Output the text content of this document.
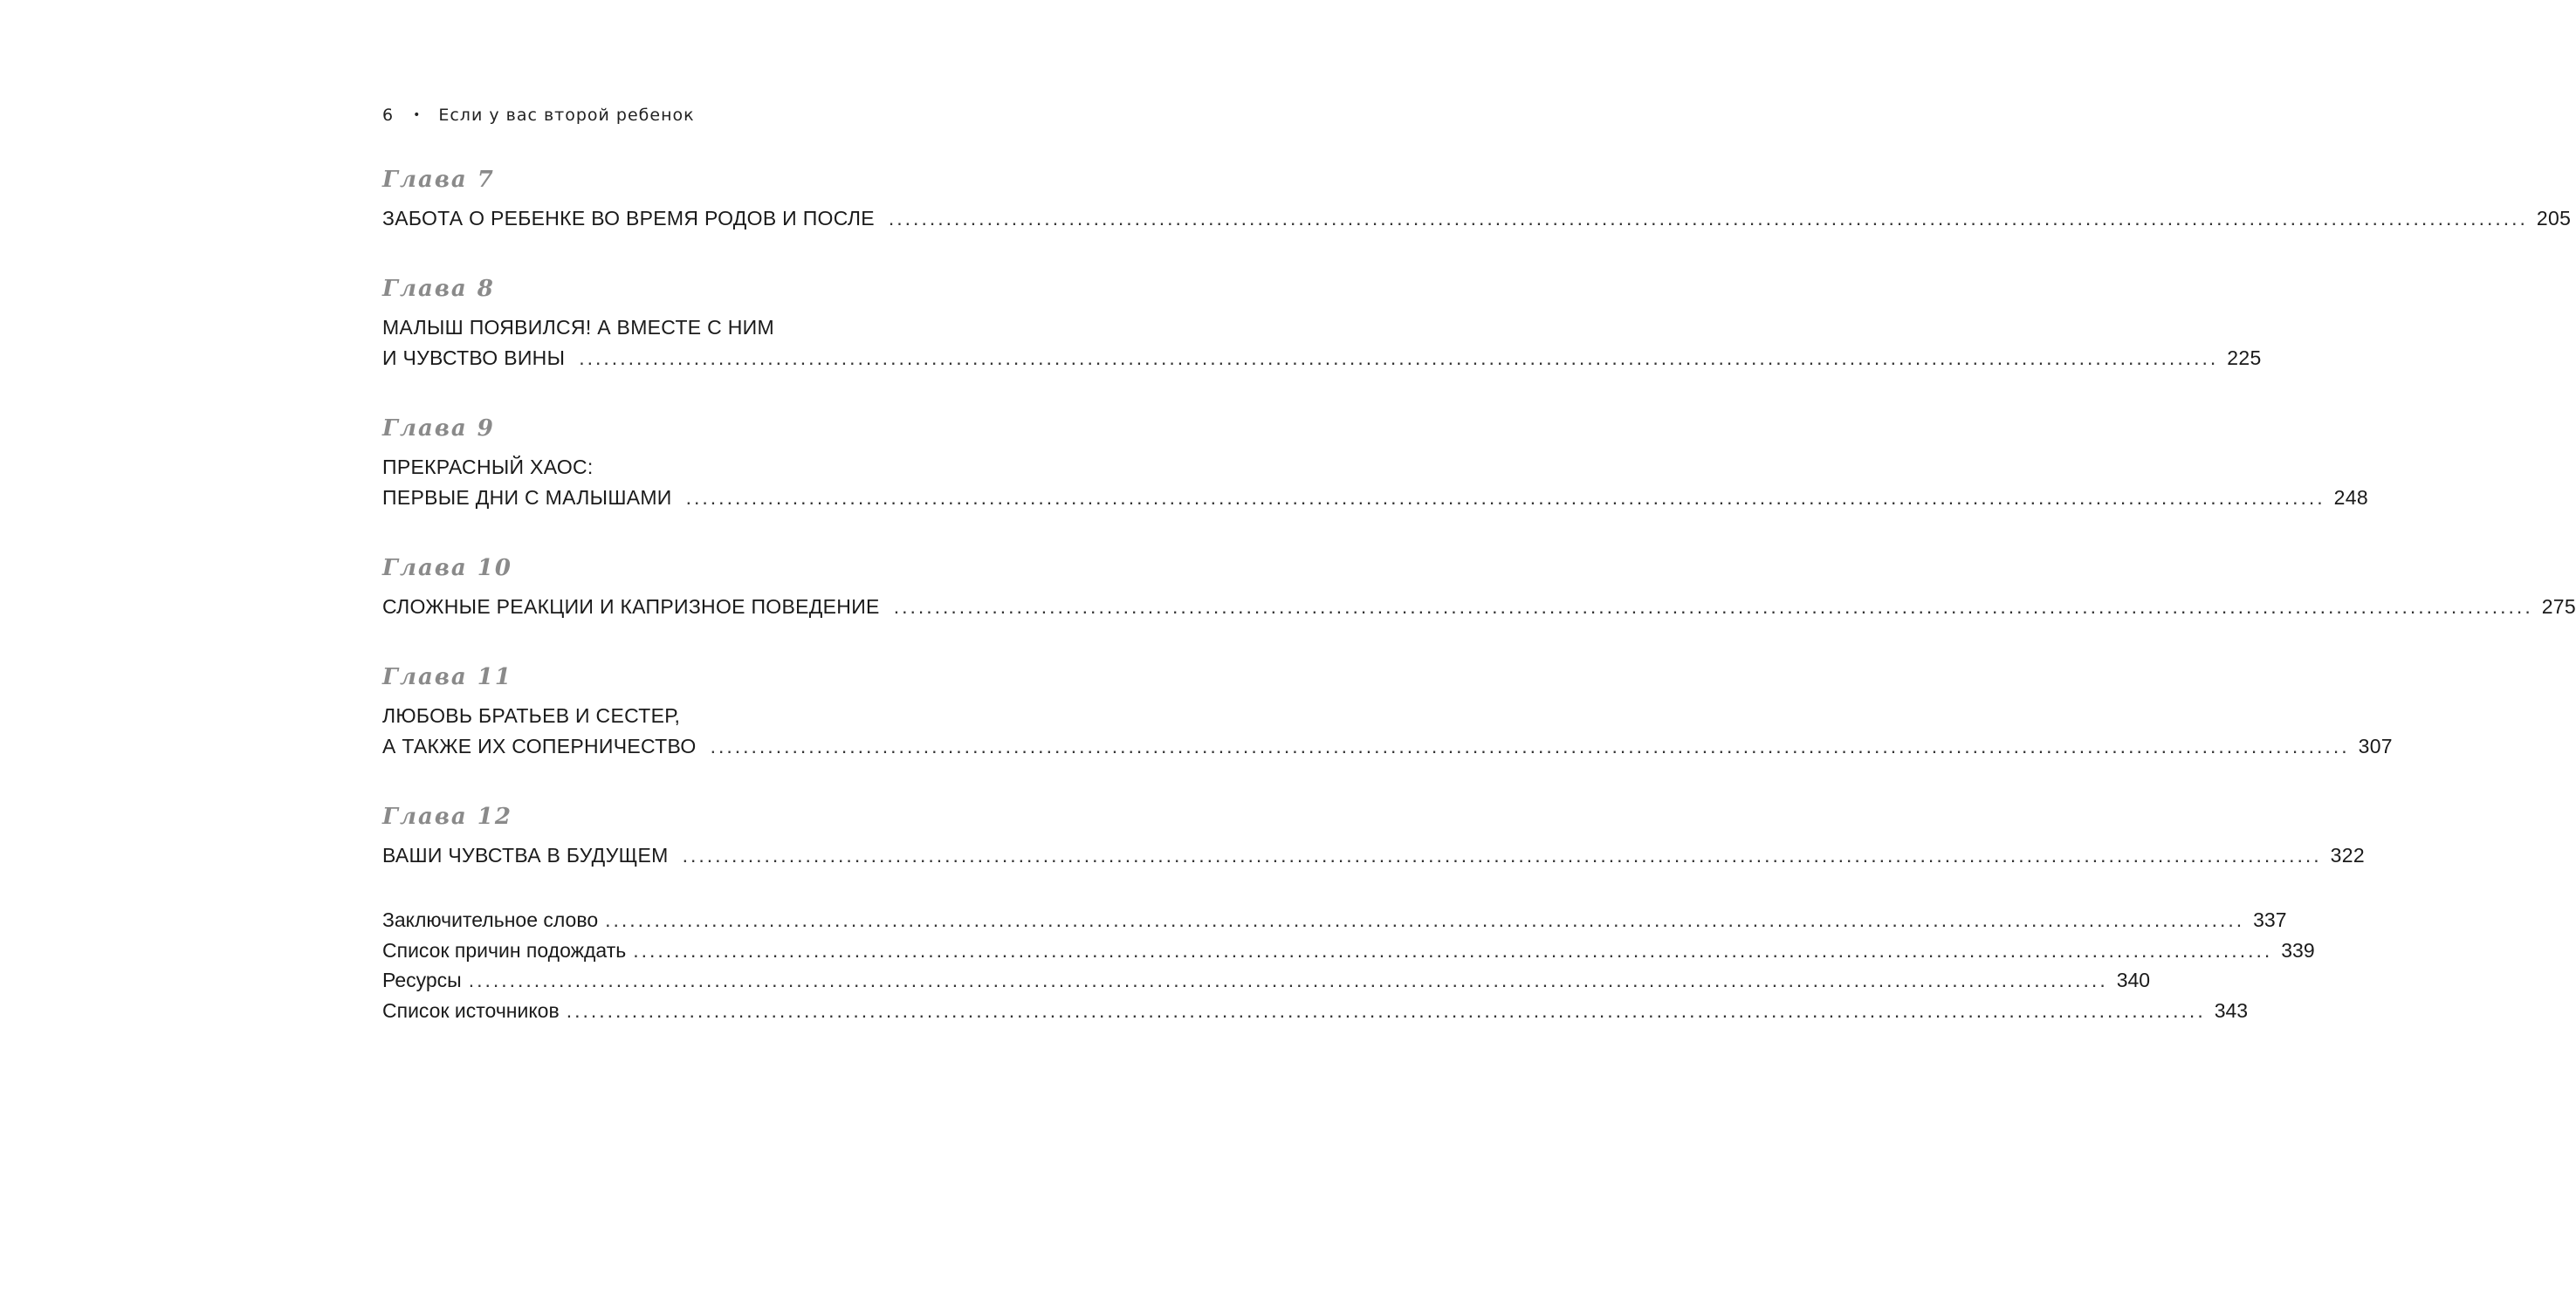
6 • Если у вас второй ребенок
Глава 7
ЗАБОТА О РЕБЕНКЕ ВО ВРЕМЯ РОДОВ И ПОСЛЕ ........................................................................................................................................................................................................ 205
Глава 8
МАЛЫШ ПОЯВИЛСЯ! А ВМЕСТЕ С НИМ
И ЧУВСТВО ВИНЫ ........................................................................................................................................................................................................ 225
Глава 9
ПРЕКРАСНЫЙ ХАОС:
ПЕРВЫЕ ДНИ С МАЛЫШАМИ ........................................................................................................................................................................................................ 248
Глава 10
СЛОЖНЫЕ РЕАКЦИИ И КАПРИЗНОЕ ПОВЕДЕНИЕ ........................................................................................................................................................................................................ 275
Глава 11
ЛЮБОВЬ БРАТЬЕВ И СЕСТЕР,
А ТАКЖЕ ИХ СОПЕРНИЧЕСТВО ........................................................................................................................................................................................................ 307
Глава 12
ВАШИ ЧУВСТВА В БУДУЩЕМ ........................................................................................................................................................................................................ 322
Заключительное слово ........................................................................................................................................................................................................ 337
Список причин подождать ........................................................................................................................................................................................................ 339
Ресурсы ........................................................................................................................................................................................................ 340
Список источников ........................................................................................................................................................................................................ 343
